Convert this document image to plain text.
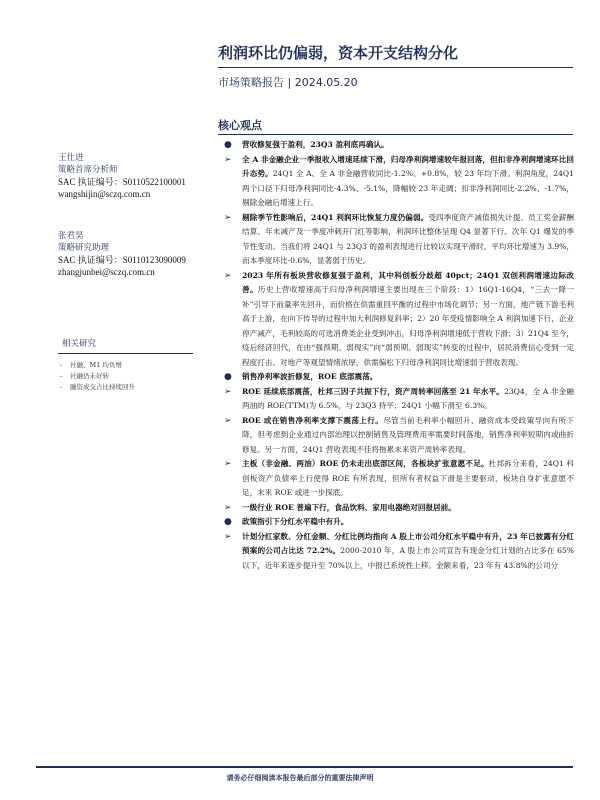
利润环比仍偏弱，资本开支结构分化
市场策略报告 | 2024.05.20
核心观点
王仕进
策略首席分析师
SAC 执证编号：S0110522100001
wangshijin@sczq.com.cn
张君昊
策略研究助理
SAC 执证编号：S0110123090009
zhangjunbei@sczq.com.cn
相关研究
- 社融、M1 均负增
- 社融仍未好转
- 融资成交占比持续回升
● 营收修复强于盈利，23Q3 盈利底再确认。
➢ 全 A 非金融企业一季报收入增速延续下滑，归母净利润增速较年报回落，但扣非净利润增速环比回升态势。24Q1 全 A、全 A 非金融营收同比-1.2%、+0.8%，较 23 年均下滑。利润角度，24Q1 两个口径下归母净利润同比-4.3%、-5.1%，降幅较 23 年走阔；扣非净利润同比-2.2%、-1.7%，剔除金融后增速上行。
➢ 剔除季节性影响后，24Q1 利润环比恢复力度仍偏弱。受四季度资产减值损失计提、员工奖金薪酬结算、年末减产及一季度冲刺开门红等影响，利润环比整体呈现 Q4 显著下行、次年 Q1 爆发的季节性变动。当我们将 24Q1 与 23Q3 的盈利表现进行比较以实现平滑时，平均环比增速为 3.9%，而本季度环比-0.6%，显著弱于历史。
➢ 2023 年所有板块营收修复强于盈利，其中科创板分歧超 40pct；24Q1 双创利润增速边际改善。历史上营收增速高于归母净利润增速主要出现在三个阶段：1）16Q1-16Q4，“三去一降一补”引导下前量率先回升，而价格在供需重回平衡的过程中市场化调节；另一方面，地产链下游毛利高于上游，在向下传导的过程中加大利润修复斜率；2）20 年受疫情影响全 A 利润加速下行，企业停产减产，毛利较高的可选消费类企业受到冲击，归母净利润增速低于营收下滑；3）21Q4 至今，疫后经济回代，在由“强预期、弱现实”向“弱预期、弱现实”转变的过程中，居民消费信心受到一定程度打击、对地产等观望情绪浓厚，供需偏松下归母净利润同比增速弱于营收表现。
● 销售净利率波折修复，ROE 底部震荡。
➢ ROE 延续底部震荡，杜邦三因子共振下行，资产周转率回落至 21 年水平。23Q4，全 A 非金融两油的 ROE(TTM)为 6.5%，与 23Q3 持平；24Q1 小幅下滑至 6.3%。
➢ ROE 或在销售净利率支撑下震荡上行。尽管当前毛利率小幅回升、融资成本受政策导向有所下降，但考虑到企业通过内部治理以控制销售及管理费用率需要时间落地，销售净利率短期内或曲折修复。另一方面，24Q1 营收表现不佳将拖累未来资产周转率表现。
➢ 主板（非金融、两油）ROE 仍未走出底部区间，各板块扩张意愿不足。杜邦拆分来看，24Q1 科创板资产负债率上行使得 ROE 有所表现，但所有者权益下滑是主要驱动，板块自身扩张意愿不足，未来 ROE 或进一步探底。
➢ 一级行业 ROE 普遍下行，食品饮料、家用电器绝对回报居前。
● 政策指引下分红水平稳中有升。
➢ 计划分红家数、分红金额、分红比例均指向 A 股上市公司分红水平稳中有升，23 年已披露有分红预案的公司占比达 72.2%。2000-2010 年，A 股上市公司宣告有现金分红计划的占比多在 65%以下，近年来逐步提升至 70%以上，中报已系统性上移。金额来看，23 年有 43.8%的公司分
请务必仔细阅读本报告最后部分的重要法律声明
